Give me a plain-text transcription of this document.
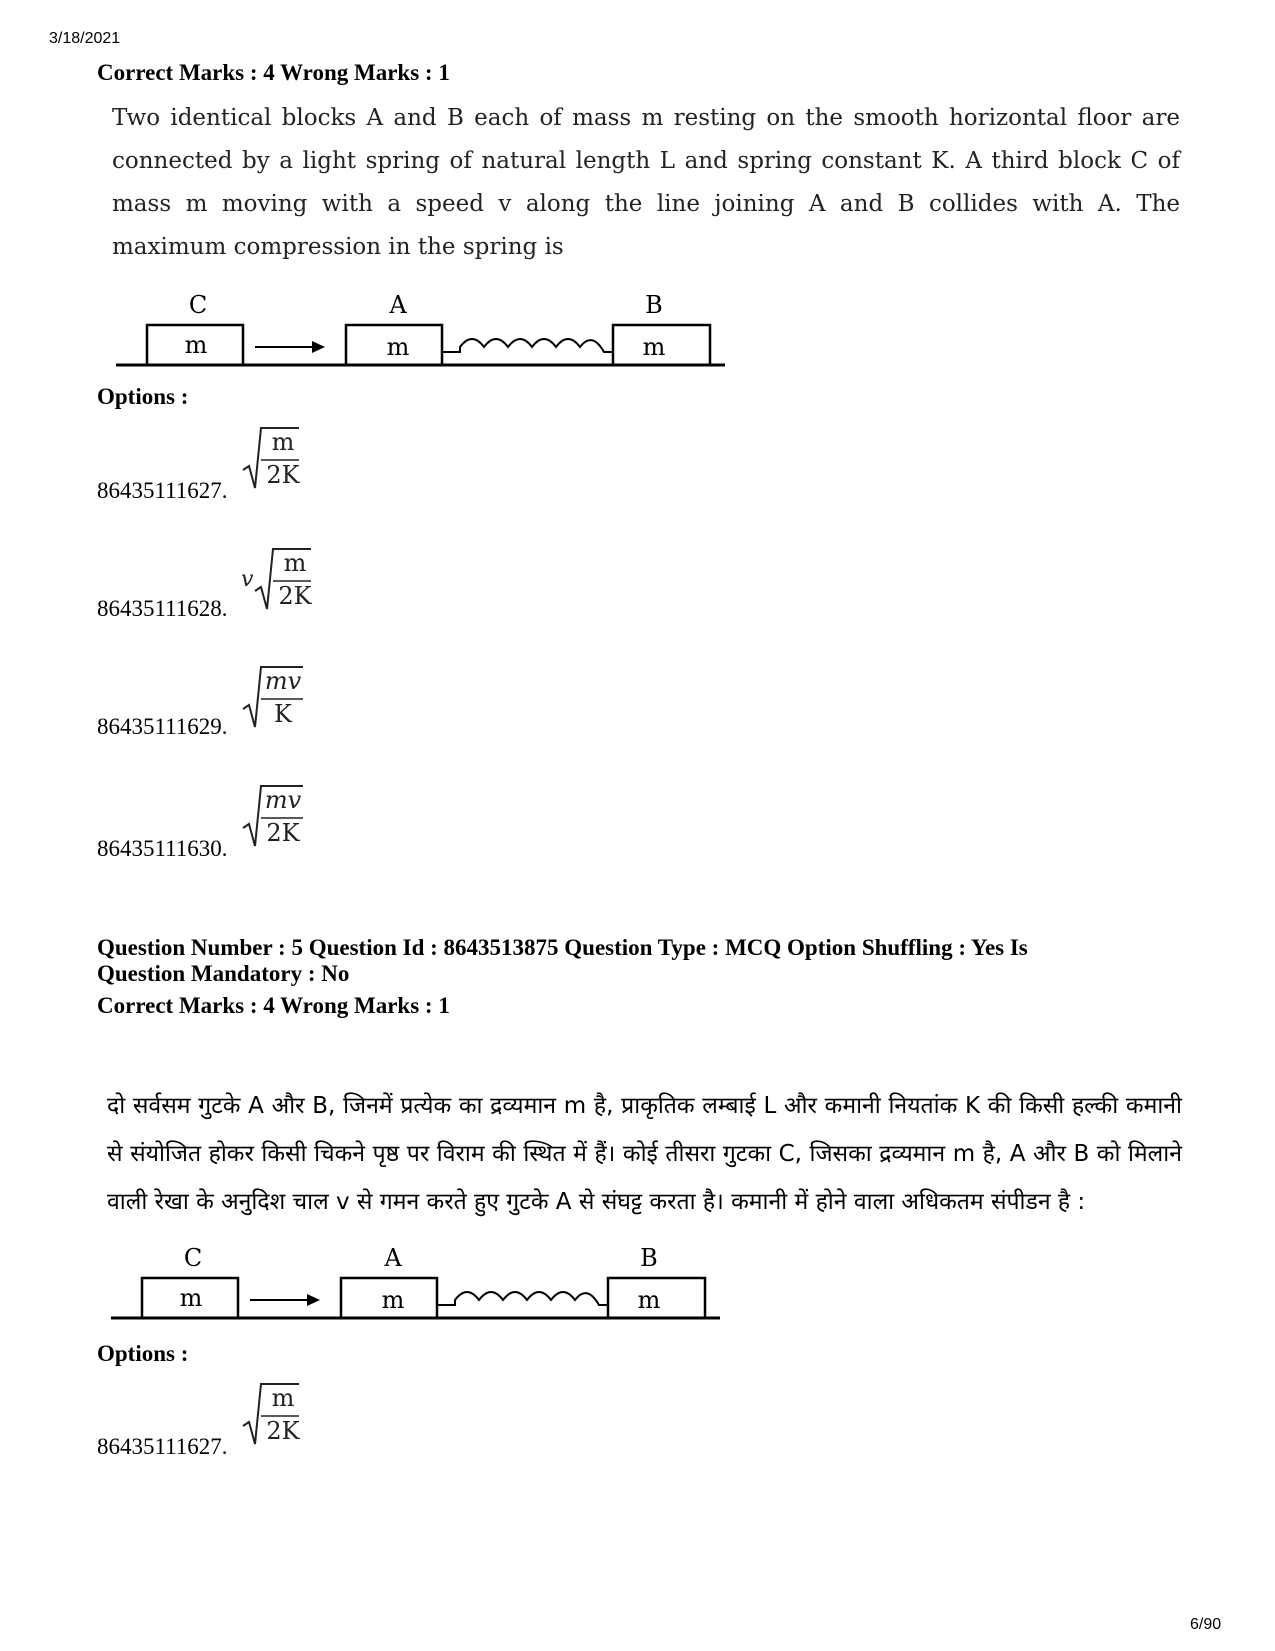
3/18/2021
Correct Marks : 4 Wrong Marks : 1
Two identical blocks A and B each of mass m resting on the smooth horizontal floor are connected by a light spring of natural length L and spring constant K. A third block C of mass m moving with a speed v along the line joining A and B collides with A. The maximum compression in the spring is
C	A	B
m	m	m
Options :
86435111627.
m
2K
86435111628.
v
m
2K
86435111629.
mv
K
86435111630.
mv
2K
Question Number : 5 Question Id : 8643513875 Question Type : MCQ Option Shuffling : Yes Is
Question Mandatory : No
Correct Marks : 4 Wrong Marks : 1
दो सर्वसम गुटके A और B, जिनमें प्रत्येक का द्रव्यमान m है, प्राकृतिक लम्बाई L और कमानी नियतांक K की किसी हल्की कमानी से संयोजित होकर किसी चिकने पृष्ठ पर विराम की स्थित में हैं। कोई तीसरा गुटका C, जिसका द्रव्यमान m है, A और B को मिलाने वाली रेखा के अनुदिश चाल v से गमन करते हुए गुटके A से संघट्ट करता है। कमानी में होने वाला अधिकतम संपीडन है :
C	A	B
m	m	m
Options :
86435111627.
m
2K
6/90
